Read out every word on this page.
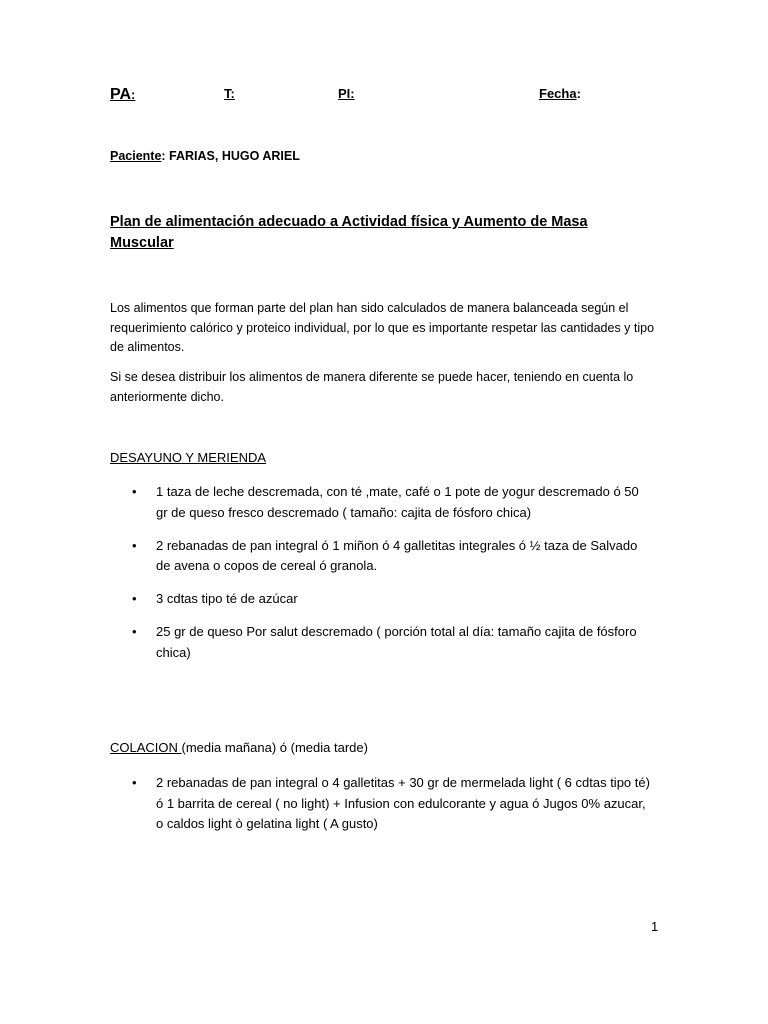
PA:	T:	PI:	Fecha:
Paciente: FARIAS, HUGO ARIEL
Plan de alimentación adecuado a Actividad física y Aumento de Masa Muscular
Los alimentos que forman parte del plan han sido calculados de manera balanceada según el requerimiento calórico y proteico individual, por lo que es importante respetar las cantidades y tipo de alimentos.
Si se desea distribuir los alimentos de manera diferente se puede hacer, teniendo en cuenta lo anteriormente dicho.
DESAYUNO Y MERIENDA
• 1 taza de leche descremada, con té ,mate, café o 1 pote de yogur descremado ó 50 gr de queso fresco descremado ( tamaño: cajita de fósforo chica)
• 2 rebanadas de pan integral ó 1 miñon ó 4 galletitas integrales ó ½ taza de Salvado de avena o copos de cereal ó granola.
• 3 cdtas tipo té de azúcar
• 25 gr de queso Por salut descremado ( porción total al día: tamaño cajita de fósforo chica)
COLACION (media mañana) ó (media tarde)
• 2 rebanadas de pan integral o 4 galletitas + 30 gr de mermelada light ( 6 cdtas tipo té) ó 1 barrita de cereal ( no light) + Infusion con edulcorante y agua ó Jugos 0% azucar, o caldos light ò gelatina light ( A gusto)
1
